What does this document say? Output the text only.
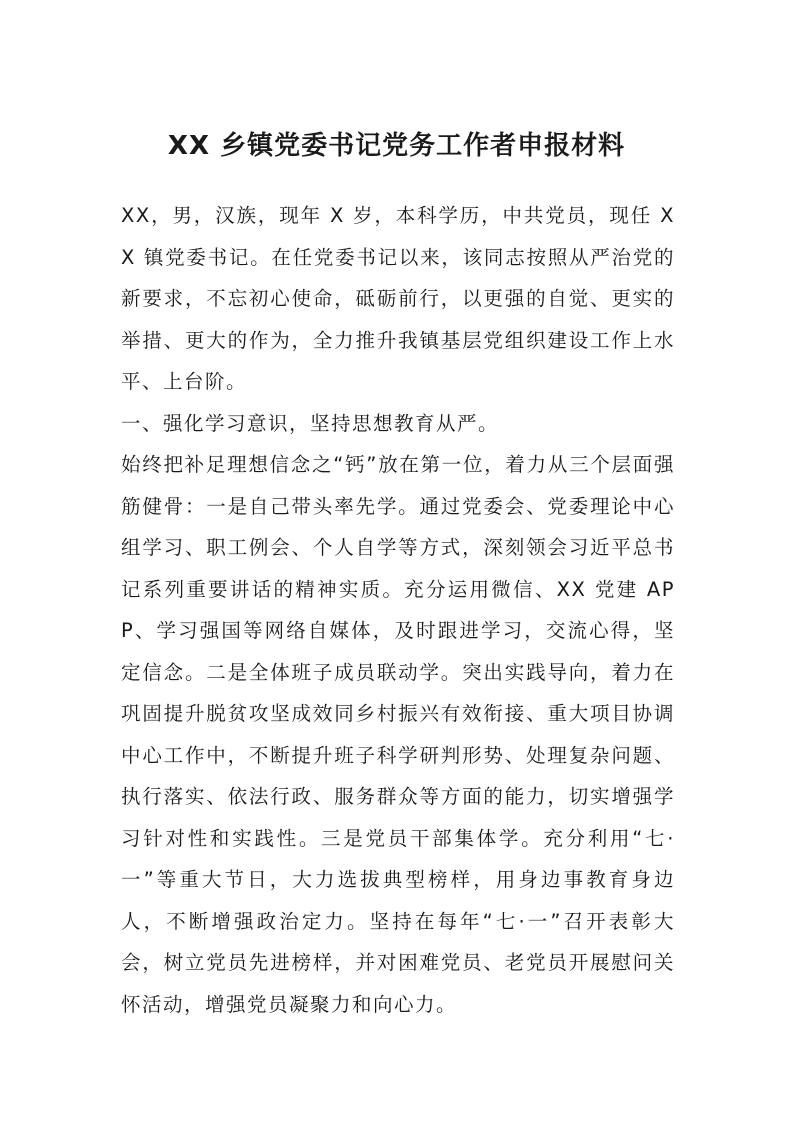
XX 乡镇党委书记党务工作者申报材料

XX，男，汉族，现年 X 岁，本科学历，中共党员，现任 XX 镇党委书记。在任党委书记以来，该同志按照从严治党的新要求，不忘初心使命，砥砺前行，以更强的自觉、更实的举措、更大的作为，全力推升我镇基层党组织建设工作上水平、上台阶。

一、强化学习意识，坚持思想教育从严。

始终把补足理想信念之“钙”放在第一位，着力从三个层面强筋健骨：一是自己带头率先学。通过党委会、党委理论中心组学习、职工例会、个人自学等方式，深刻领会习近平总书记系列重要讲话的精神实质。充分运用微信、XX 党建 APP、学习强国等网络自媒体，及时跟进学习，交流心得，坚定信念。二是全体班子成员联动学。突出实践导向，着力在巩固提升脱贫攻坚成效同乡村振兴有效衔接、重大项目协调中心工作中，不断提升班子科学研判形势、处理复杂问题、执行落实、依法行政、服务群众等方面的能力，切实增强学习针对性和实践性。三是党员干部集体学。充分利用“七·一”等重大节日，大力选拔典型榜样，用身边事教育身边人，不断增强政治定力。坚持在每年“七·一”召开表彰大会，树立党员先进榜样，并对困难党员、老党员开展慰问关怀活动，增强党员凝聚力和向心力。
